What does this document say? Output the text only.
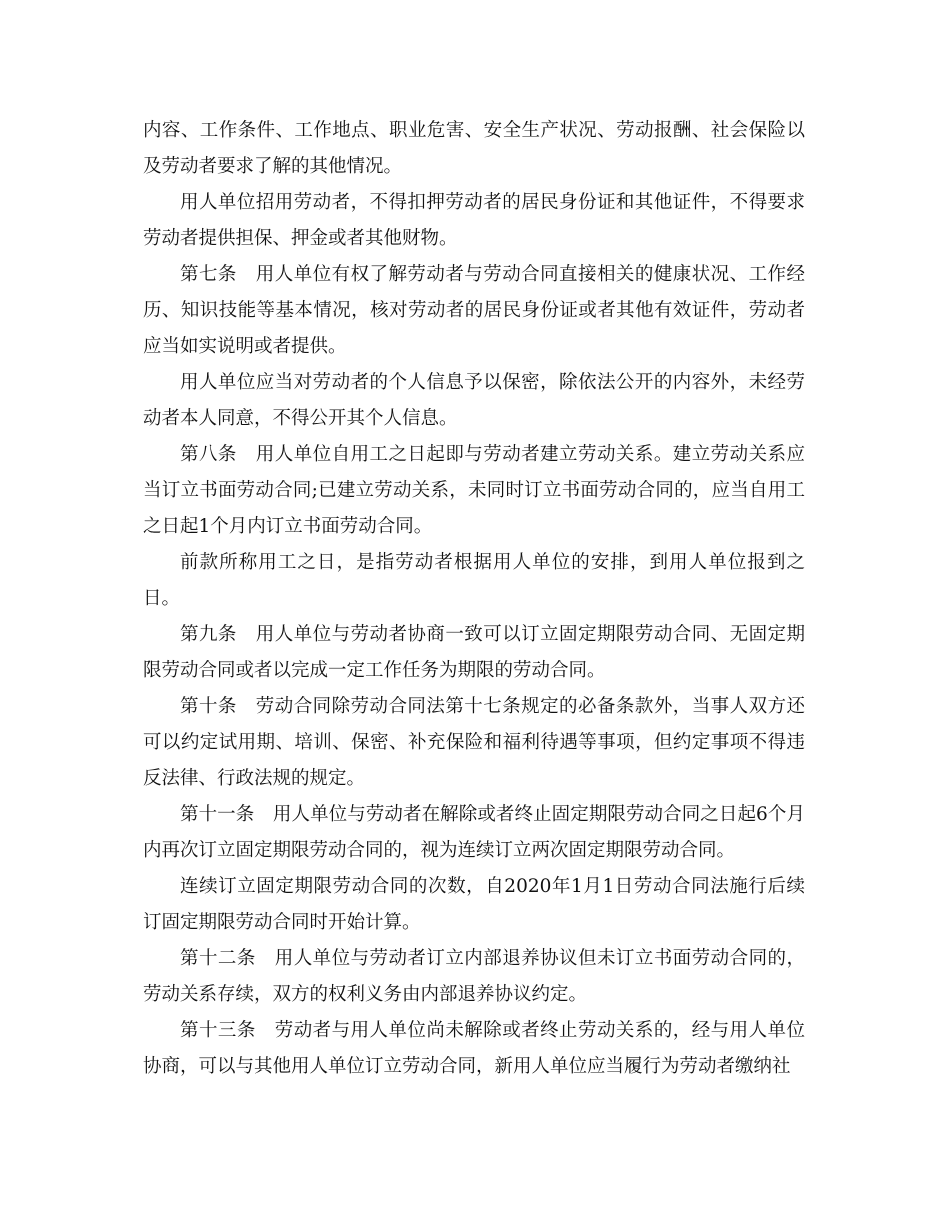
内容、工作条件、工作地点、职业危害、安全生产状况、劳动报酬、社会保险以及劳动者要求了解的其他情况。

用人单位招用劳动者，不得扣押劳动者的居民身份证和其他证件，不得要求劳动者提供担保、押金或者其他财物。

第七条　用人单位有权了解劳动者与劳动合同直接相关的健康状况、工作经历、知识技能等基本情况，核对劳动者的居民身份证或者其他有效证件，劳动者应当如实说明或者提供。

用人单位应当对劳动者的个人信息予以保密，除依法公开的内容外，未经劳动者本人同意，不得公开其个人信息。

第八条　用人单位自用工之日起即与劳动者建立劳动关系。建立劳动关系应当订立书面劳动合同;已建立劳动关系，未同时订立书面劳动合同的，应当自用工之日起1个月内订立书面劳动合同。

前款所称用工之日，是指劳动者根据用人单位的安排，到用人单位报到之日。

第九条　用人单位与劳动者协商一致可以订立固定期限劳动合同、无固定期限劳动合同或者以完成一定工作任务为期限的劳动合同。

第十条　劳动合同除劳动合同法第十七条规定的必备条款外，当事人双方还可以约定试用期、培训、保密、补充保险和福利待遇等事项，但约定事项不得违反法律、行政法规的规定。

第十一条　用人单位与劳动者在解除或者终止固定期限劳动合同之日起6个月内再次订立固定期限劳动合同的，视为连续订立两次固定期限劳动合同。

连续订立固定期限劳动合同的次数，自2020年1月1日劳动合同法施行后续订固定期限劳动合同时开始计算。

第十二条　用人单位与劳动者订立内部退养协议但未订立书面劳动合同的，劳动关系存续，双方的权利义务由内部退养协议约定。

第十三条　劳动者与用人单位尚未解除或者终止劳动关系的，经与用人单位协商，可以与其他用人单位订立劳动合同，新用人单位应当履行为劳动者缴纳社
